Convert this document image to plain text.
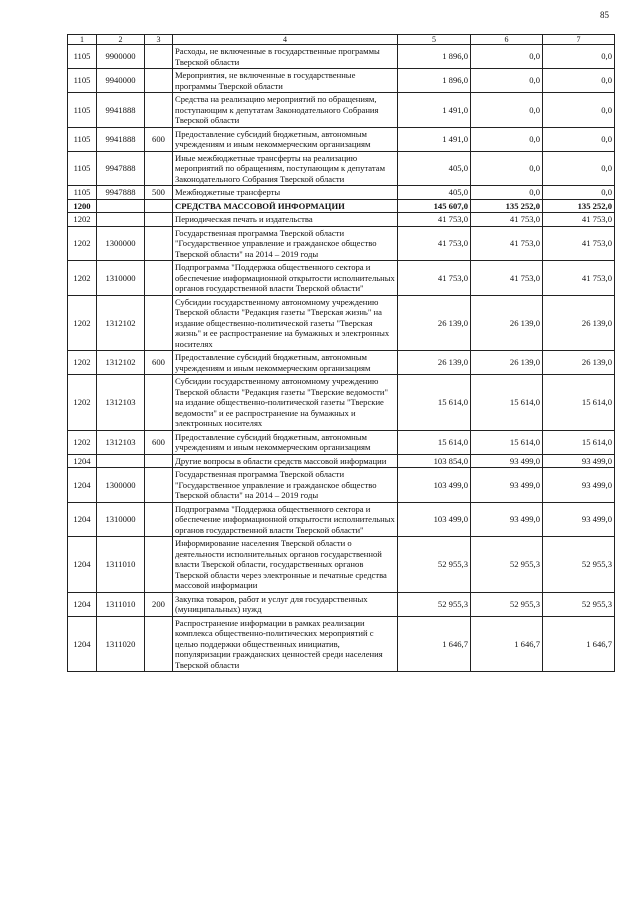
85
1	2	3	4	5	6	7
1105	9900000		Расходы, не включенные в государственные программы Тверской области	1 896,0	0,0	0,0
1105	9940000		Мероприятия, не включенные в государственные программы Тверской области	1 896,0	0,0	0,0
1105	9941888		Средства на реализацию мероприятий по обращениям, поступающим к депутатам Законодательного Собрания Тверской области	1 491,0	0,0	0,0
1105	9941888	600	Предоставление субсидий бюджетным, автономным учреждениям и иным некоммерческим организациям	1 491,0	0,0	0,0
1105	9947888		Иные межбюджетные трансферты на реализацию мероприятий по обращениям, поступающим к депутатам Законодательного Собрания Тверской области	405,0	0,0	0,0
1105	9947888	500	Межбюджетные трансферты	405,0	0,0	0,0
1200			СРЕДСТВА МАССОВОЙ ИНФОРМАЦИИ	145 607,0	135 252,0	135 252,0
1202			Периодическая печать и издательства	41 753,0	41 753,0	41 753,0
1202	1300000		Государственная программа Тверской области "Государственное управление и гражданское общество Тверской области" на 2014 – 2019 годы	41 753,0	41 753,0	41 753,0
1202	1310000		Подпрограмма "Поддержка общественного сектора и обеспечение информационной открытости исполнительных органов государственной власти Тверской области"	41 753,0	41 753,0	41 753,0
1202	1312102		Субсидии государственному автономному учреждению Тверской области "Редакция газеты "Тверская жизнь" на издание общественно-политической газеты "Тверская жизнь" и ее распространение на бумажных и электронных носителях	26 139,0	26 139,0	26 139,0
1202	1312102	600	Предоставление субсидий бюджетным, автономным учреждениям и иным некоммерческим организациям	26 139,0	26 139,0	26 139,0
1202	1312103		Субсидии государственному автономному учреждению Тверской области "Редакция газеты "Тверские ведомости" на издание общественно-политической газеты "Тверские ведомости" и ее распространение на бумажных и электронных носителях	15 614,0	15 614,0	15 614,0
1202	1312103	600	Предоставление субсидий бюджетным, автономным учреждениям и иным некоммерческим организациям	15 614,0	15 614,0	15 614,0
1204			Другие вопросы в области средств массовой информации	103 854,0	93 499,0	93 499,0
1204	1300000		Государственная программа Тверской области "Государственное управление и гражданское общество Тверской области" на 2014 – 2019 годы	103 499,0	93 499,0	93 499,0
1204	1310000		Подпрограмма "Поддержка общественного сектора и обеспечение информационной открытости исполнительных органов государственной власти Тверской области"	103 499,0	93 499,0	93 499,0
1204	1311010		Информирование населения Тверской области о деятельности исполнительных органов государственной власти Тверской области, государственных органов Тверской области через электронные и печатные средства массовой информации	52 955,3	52 955,3	52 955,3
1204	1311010	200	Закупка товаров, работ и услуг для государственных (муниципальных) нужд	52 955,3	52 955,3	52 955,3
1204	1311020		Распространение информации в рамках реализации комплекса общественно-политических мероприятий с целью поддержки общественных инициатив, популяризации гражданских ценностей среди населения Тверской области	1 646,7	1 646,7	1 646,7
